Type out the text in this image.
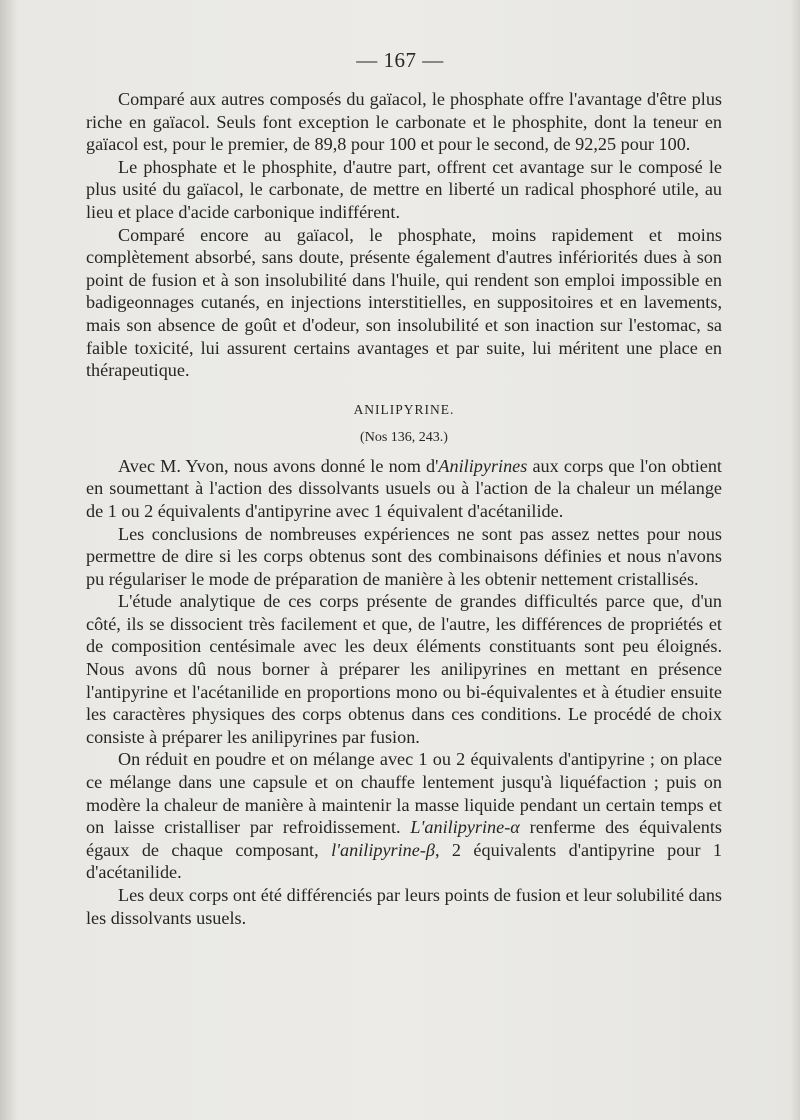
— 167 —

Comparé aux autres composés du gaïacol, le phosphate offre l'avantage d'être plus riche en gaïacol. Seuls font exception le carbonate et le phosphite, dont la teneur en gaïacol est, pour le premier, de 89,8 pour 100 et pour le second, de 92,25 pour 100.

Le phosphate et le phosphite, d'autre part, offrent cet avantage sur le composé le plus usité du gaïacol, le carbonate, de mettre en liberté un radical phosphoré utile, au lieu et place d'acide carbonique indifférent.

Comparé encore au gaïacol, le phosphate, moins rapidement et moins complètement absorbé, sans doute, présente également d'autres infériorités dues à son point de fusion et à son insolubilité dans l'huile, qui rendent son emploi impossible en badigeonnages cutanés, en injections interstitielles, en suppositoires et en lavements, mais son absence de goût et d'odeur, son insolubilité et son inaction sur l'estomac, sa faible toxicité, lui assurent certains avantages et par suite, lui méritent une place en thérapeutique.

ANILIPYRINE.
(Nos 136, 243.)

Avec M. Yvon, nous avons donné le nom d'Anilipyrines aux corps que l'on obtient en soumettant à l'action des dissolvants usuels ou à l'action de la chaleur un mélange de 1 ou 2 équivalents d'antipyrine avec 1 équivalent d'acétanilide.

Les conclusions de nombreuses expériences ne sont pas assez nettes pour nous permettre de dire si les corps obtenus sont des combinaisons définies et nous n'avons pu régulariser le mode de préparation de manière à les obtenir nettement cristallisés.

L'étude analytique de ces corps présente de grandes difficultés parce que, d'un côté, ils se dissocient très facilement et que, de l'autre, les différences de propriétés et de composition centésimale avec les deux éléments constituants sont peu éloignés. Nous avons dû nous borner à préparer les anilipyrines en mettant en présence l'antipyrine et l'acétanilide en proportions mono ou bi-équivalentes et à étudier ensuite les caractères physiques des corps obtenus dans ces conditions. Le procédé de choix consiste à préparer les anilipyrines par fusion.

On réduit en poudre et on mélange avec 1 ou 2 équivalents d'antipyrine ; on place ce mélange dans une capsule et on chauffe lentement jusqu'à liquéfaction ; puis on modère la chaleur de manière à maintenir la masse liquide pendant un certain temps et on laisse cristalliser par refroidissement. L'anilipyrine-α renferme des équivalents égaux de chaque composant, l'anilipyrine-β, 2 équivalents d'antipyrine pour 1 d'acétanilide.

Les deux corps ont été différenciés par leurs points de fusion et leur solubilité dans les dissolvants usuels.
